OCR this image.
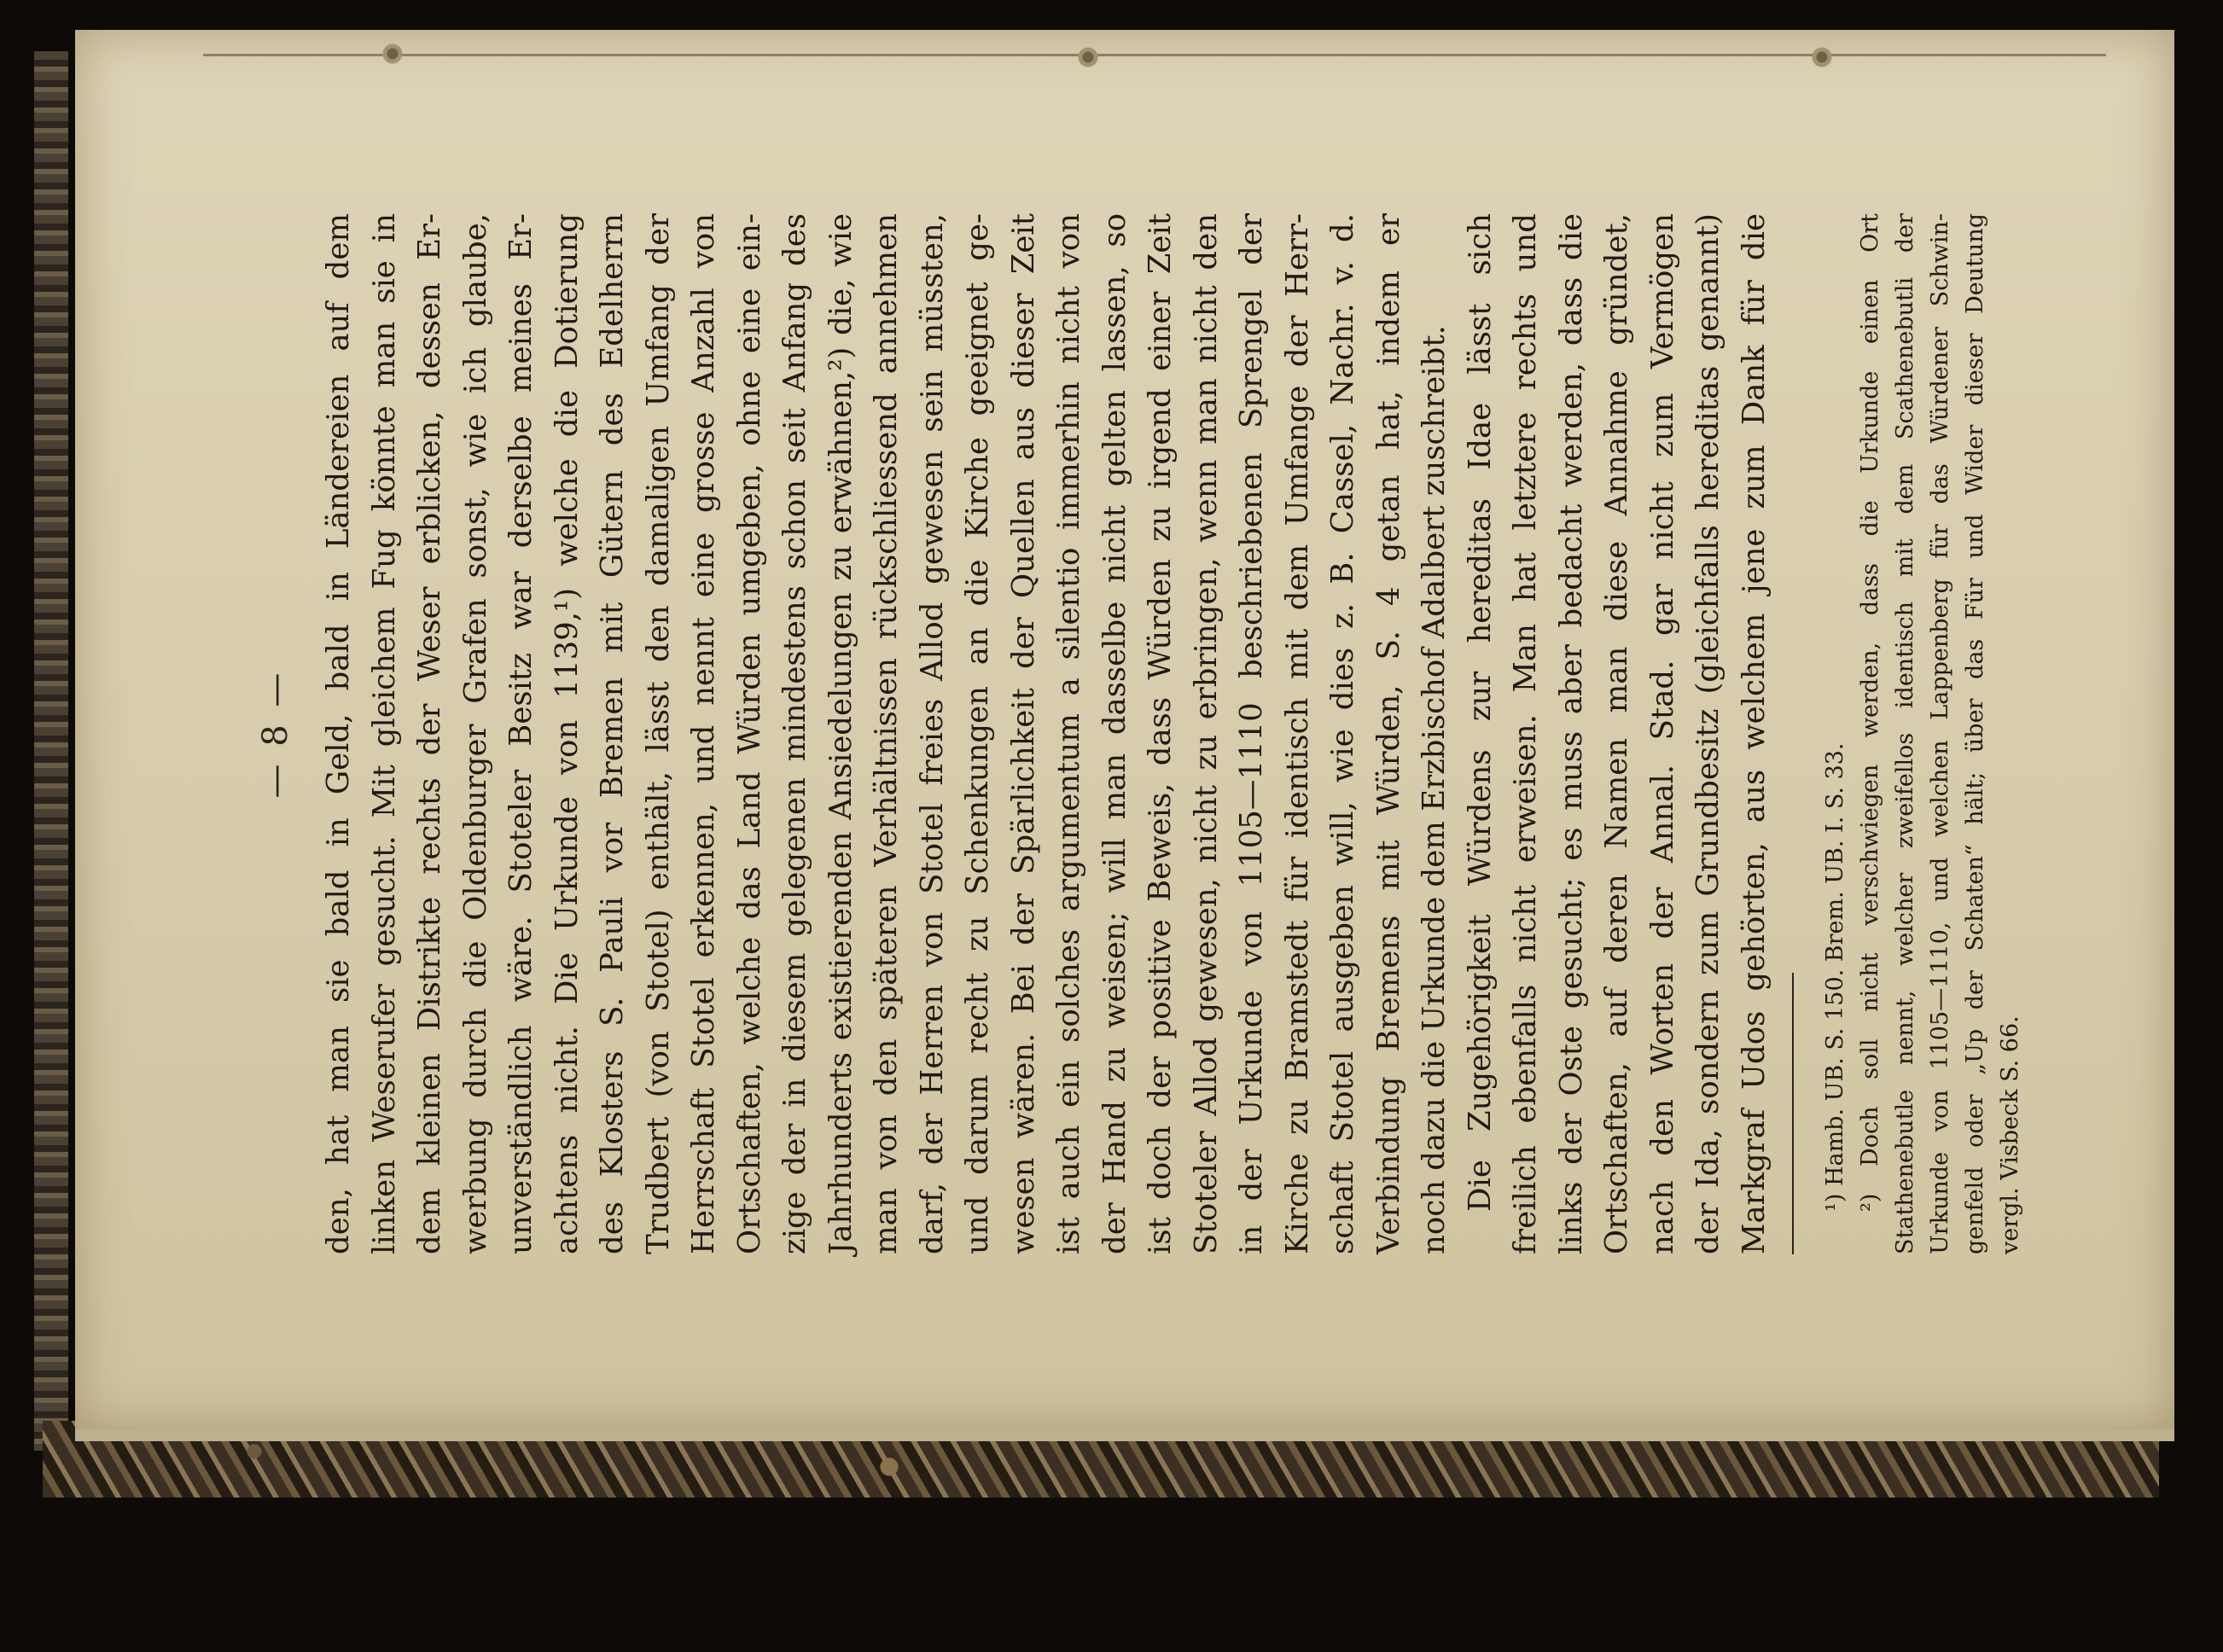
— 8 — den, hat man sie bald in Geld, bald in Ländereien auf dem linken Weserufer gesucht. Mit gleichem Fug könnte man sie in dem kleinen Distrikte rechts der Weser erblicken, dessen Er- werbung durch die Oldenburger Grafen sonst, wie ich glaube, unverständlich wäre. Stoteler Besitz war derselbe meines Er- achtens nicht. Die Urkunde von 1139,¹) welche die Dotierung des Klosters S. Pauli vor Bremen mit Gütern des Edelherrn Trudbert (von Stotel) enthält, lässt den damaligen Umfang der Herrschaft Stotel erkennen, und nennt eine grosse Anzahl von Ortschaften, welche das Land Würden umgeben, ohne eine ein- zige der in diesem gelegenen mindestens schon seit Anfang des Jahrhunderts existierenden Ansiedelungen zu erwähnen,²) die, wie man von den späteren Verhältnissen rückschliessend annehmen darf, der Herren von Stotel freies Allod gewesen sein müssten, und darum recht zu Schenkungen an die Kirche geeignet ge- wesen wären. Bei der Spärlichkeit der Quellen aus dieser Zeit ist auch ein solches argumentum a silentio immerhin nicht von der Hand zu weisen; will man dasselbe nicht gelten lassen, so ist doch der positive Beweis, dass Würden zu irgend einer Zeit Stoteler Allod gewesen, nicht zu erbringen, wenn man nicht den in der Urkunde von 1105—1110 beschriebenen Sprengel der Kirche zu Bramstedt für identisch mit dem Umfange der Herr- schaft Stotel ausgeben will, wie dies z. B. Cassel, Nachr. v. d. Verbindung Bremens mit Würden, S. 4 getan hat, indem er noch dazu die Urkunde dem Erzbischof Adalbert zuschreibt. Die Zugehörigkeit Würdens zur hereditas Idae lässt sich freilich ebenfalls nicht erweisen. Man hat letztere rechts und links der Oste gesucht; es muss aber bedacht werden, dass die Ortschaften, auf deren Namen man diese Annahme gründet, nach den Worten der Annal. Stad. gar nicht zum Vermögen der Ida, sondern zum Grundbesitz (gleichfalls hereditas genannt) Markgraf Udos gehörten, aus welchem jene zum Dank für die ¹) Hamb. UB. S. 150. Brem. UB. I. S. 33. ²) Doch soll nicht verschwiegen werden, dass die Urkunde einen Ort Stathenebutle nennt, welcher zweifellos identisch mit dem Scathenebutli der Urkunde von 1105—1110, und welchen Lappenberg für das Würdener Schwin- genfeld oder „Up der Schaten“ hält; über das Für und Wider dieser Deutung vergl. Visbeck S. 66.
